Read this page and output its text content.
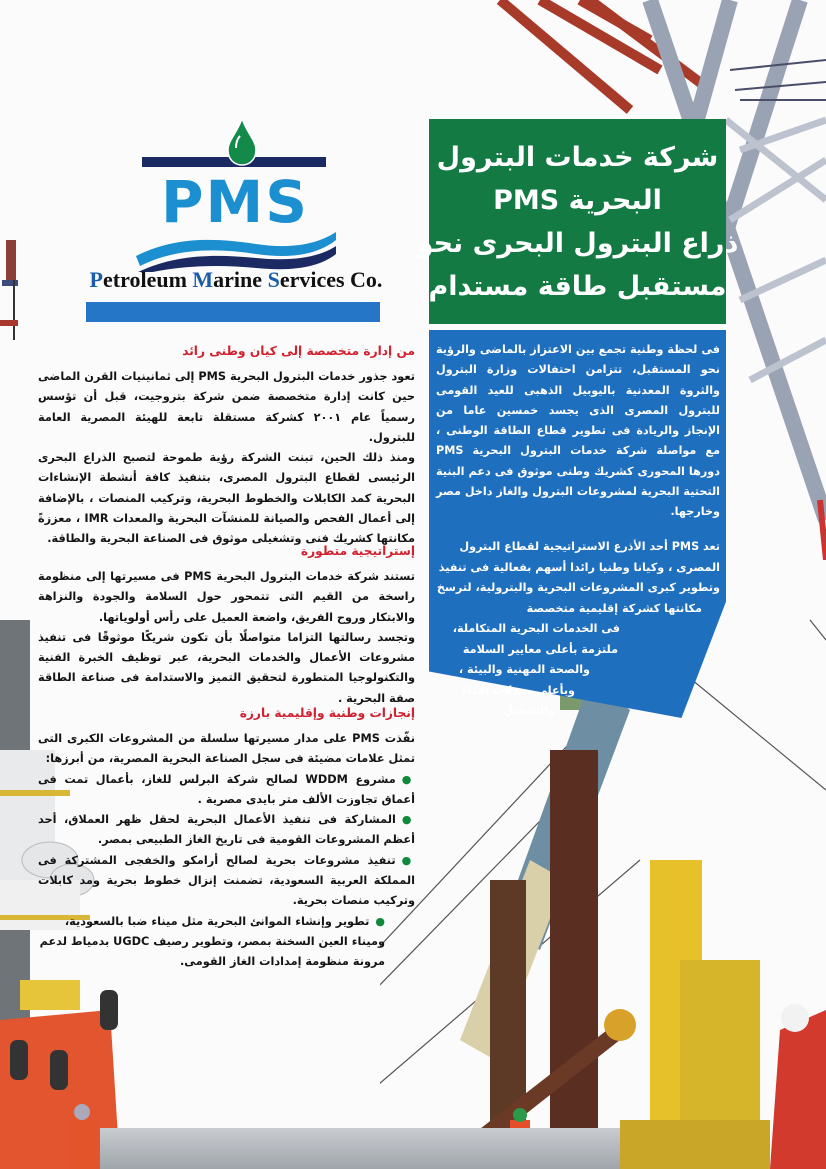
شركة خدمات البترول
البحرية PMS
ذراع البترول البحرى نحو
مستقبل طاقة مستدام

فى لحظة وطنية تجمع بين الاعتزاز بالماضى والرؤية نحو المستقبل، تتزامن احتفالات وزارة البترول والثروة المعدنية باليوبيل الذهبى للعيد القومى للبترول المصرى الذى يجسد خمسين عاما من الإنجاز والريادة فى تطوير قطاع الطاقة الوطنى ، مع مواصلة شركة خدمات البترول البحرية PMS دورها المحورى كشريك وطنى موثوق فى دعم البنية التحتية البحرية لمشروعات البترول والغاز داخل مصر وخارجها.

تعد PMS أحد الأذرع الاستراتيجية لقطاع البترول
المصرى ، وكيانا وطنيا رائدا أسهم بفعالية فى تنفيذ
وتطوير كبرى المشروعات البحرية والبترولية، لترسخ
مكانتها كشركة إقليمية متخصصة
فى الخدمات البحرية المتكاملة،
ملتزمة بأعلى معايير السلامة
والصحة المهنية والبيئة ،
وبأعلى معدلات الأداء
والتشغيل.
PMS
Petroleum Marine Services Co.
من إدارة متخصصة إلى كيان وطنى رائد

تعود جذور خدمات البترول البحرية PMS إلى ثمانينيات القرن الماضى حين كانت إدارة متخصصة ضمن شركة بتروجيت، قبل أن تؤسس رسمياً عام ٢٠٠١ كشركة مستقلة تابعة للهيئة المصرية العامة للبترول.

ومنذ ذلك الحين، تبنت الشركة رؤية طموحة لتصبح الذراع البحرى الرئيسى لقطاع البترول المصرى، بتنفيذ كافة أنشطة الإنشاءات البحرية كمد الكابلات والخطوط البحرية، وتركيب المنصات ، بالإضافة إلى أعمال الفحص والصيانة للمنشآت البحرية والمعدات IMR ، معززةً مكانتها كشريك فنى وتشغيلى موثوق فى الصناعة البحرية والطاقة.

إستراتيجية متطورة

تستند شركة خدمات البترول البحرية PMS فى مسيرتها إلى منظومة راسخة من القيم التى تتمحور حول السلامة والجودة والنزاهة والابتكار وروح الفريق، واضعة العميل على رأس أولوياتها.

وتجسد رسالتها التزاما متواصلًا بأن تكون شريكًا موثوقًا فى تنفيذ مشروعات الأعمال والخدمات البحرية، عبر توظيف الخبرة الفنية والتكنولوجيا المتطورة لتحقيق التميز والاستدامة فى صناعة الطاقة صفة البحرية .

إنجازات وطنية وإقليمية بارزة

نفّذت PMS على مدار مسيرتها سلسلة من المشروعات الكبرى التى تمثل علامات مضيئة فى سجل الصناعة البحرية المصرية، من أبرزها:

●مشروع WDDM لصالح شركة البرلس للغاز، بأعمال تمت فى أعماق تجاوزت الألف متر بايدى مصرية .
●المشاركة فى تنفيذ الأعمال البحرية لحقل ظهر العملاق، أحد أعظم المشروعات القومية فى تاريخ الغاز الطبيعى بمصر.
●تنفيذ مشروعات بحرية لصالح أرامكو والخفجى المشتركة فى المملكة العربية السعودية، تضمنت إنزال خطوط بحرية ومد كابلات وتركيب منصات بحرية.
●تطوير وإنشاء الموانئ البحرية مثل ميناء ضبا بالسعودية، وميناء العين السخنة بمصر، وتطوير رصيف UGDC بدمياط لدعم مرونة منظومة إمدادات الغاز القومى.
